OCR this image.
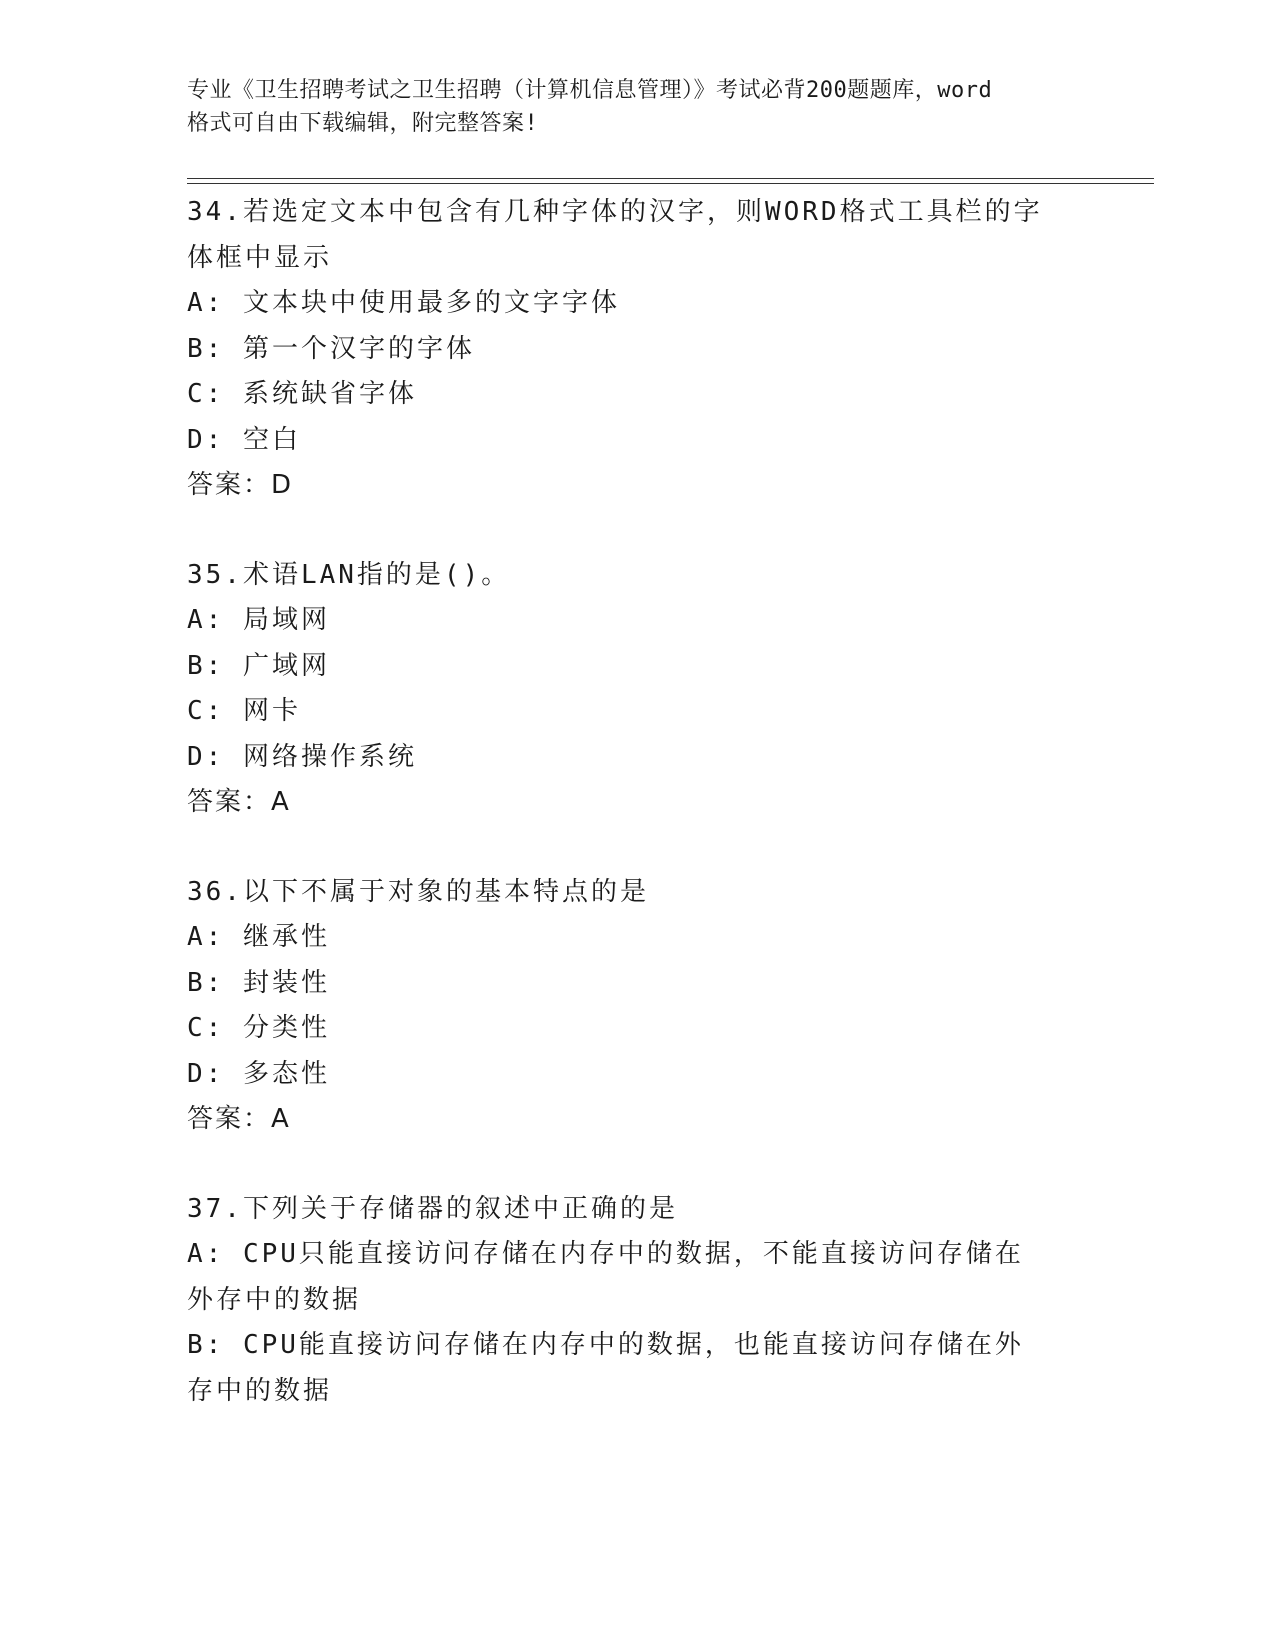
专业《卫生招聘考试之卫生招聘（计算机信息管理）》考试必背200题题库，word
格式可自由下载编辑，附完整答案!
34.若选定文本中包含有几种字体的汉字，则WORD格式工具栏的字体框中显示
A: 文本块中使用最多的文字字体
B: 第一个汉字的字体
C: 系统缺省字体
D: 空白
答案：D
35.术语LAN指的是()。
A: 局域网
B: 广域网
C: 网卡
D: 网络操作系统
答案：A
36.以下不属于对象的基本特点的是
A: 继承性
B: 封装性
C: 分类性
D: 多态性
答案：A
37.下列关于存储器的叙述中正确的是
A: CPU只能直接访问存储在内存中的数据，不能直接访问存储在外存中的数据
B: CPU能直接访问存储在内存中的数据，也能直接访问存储在外存中的数据
